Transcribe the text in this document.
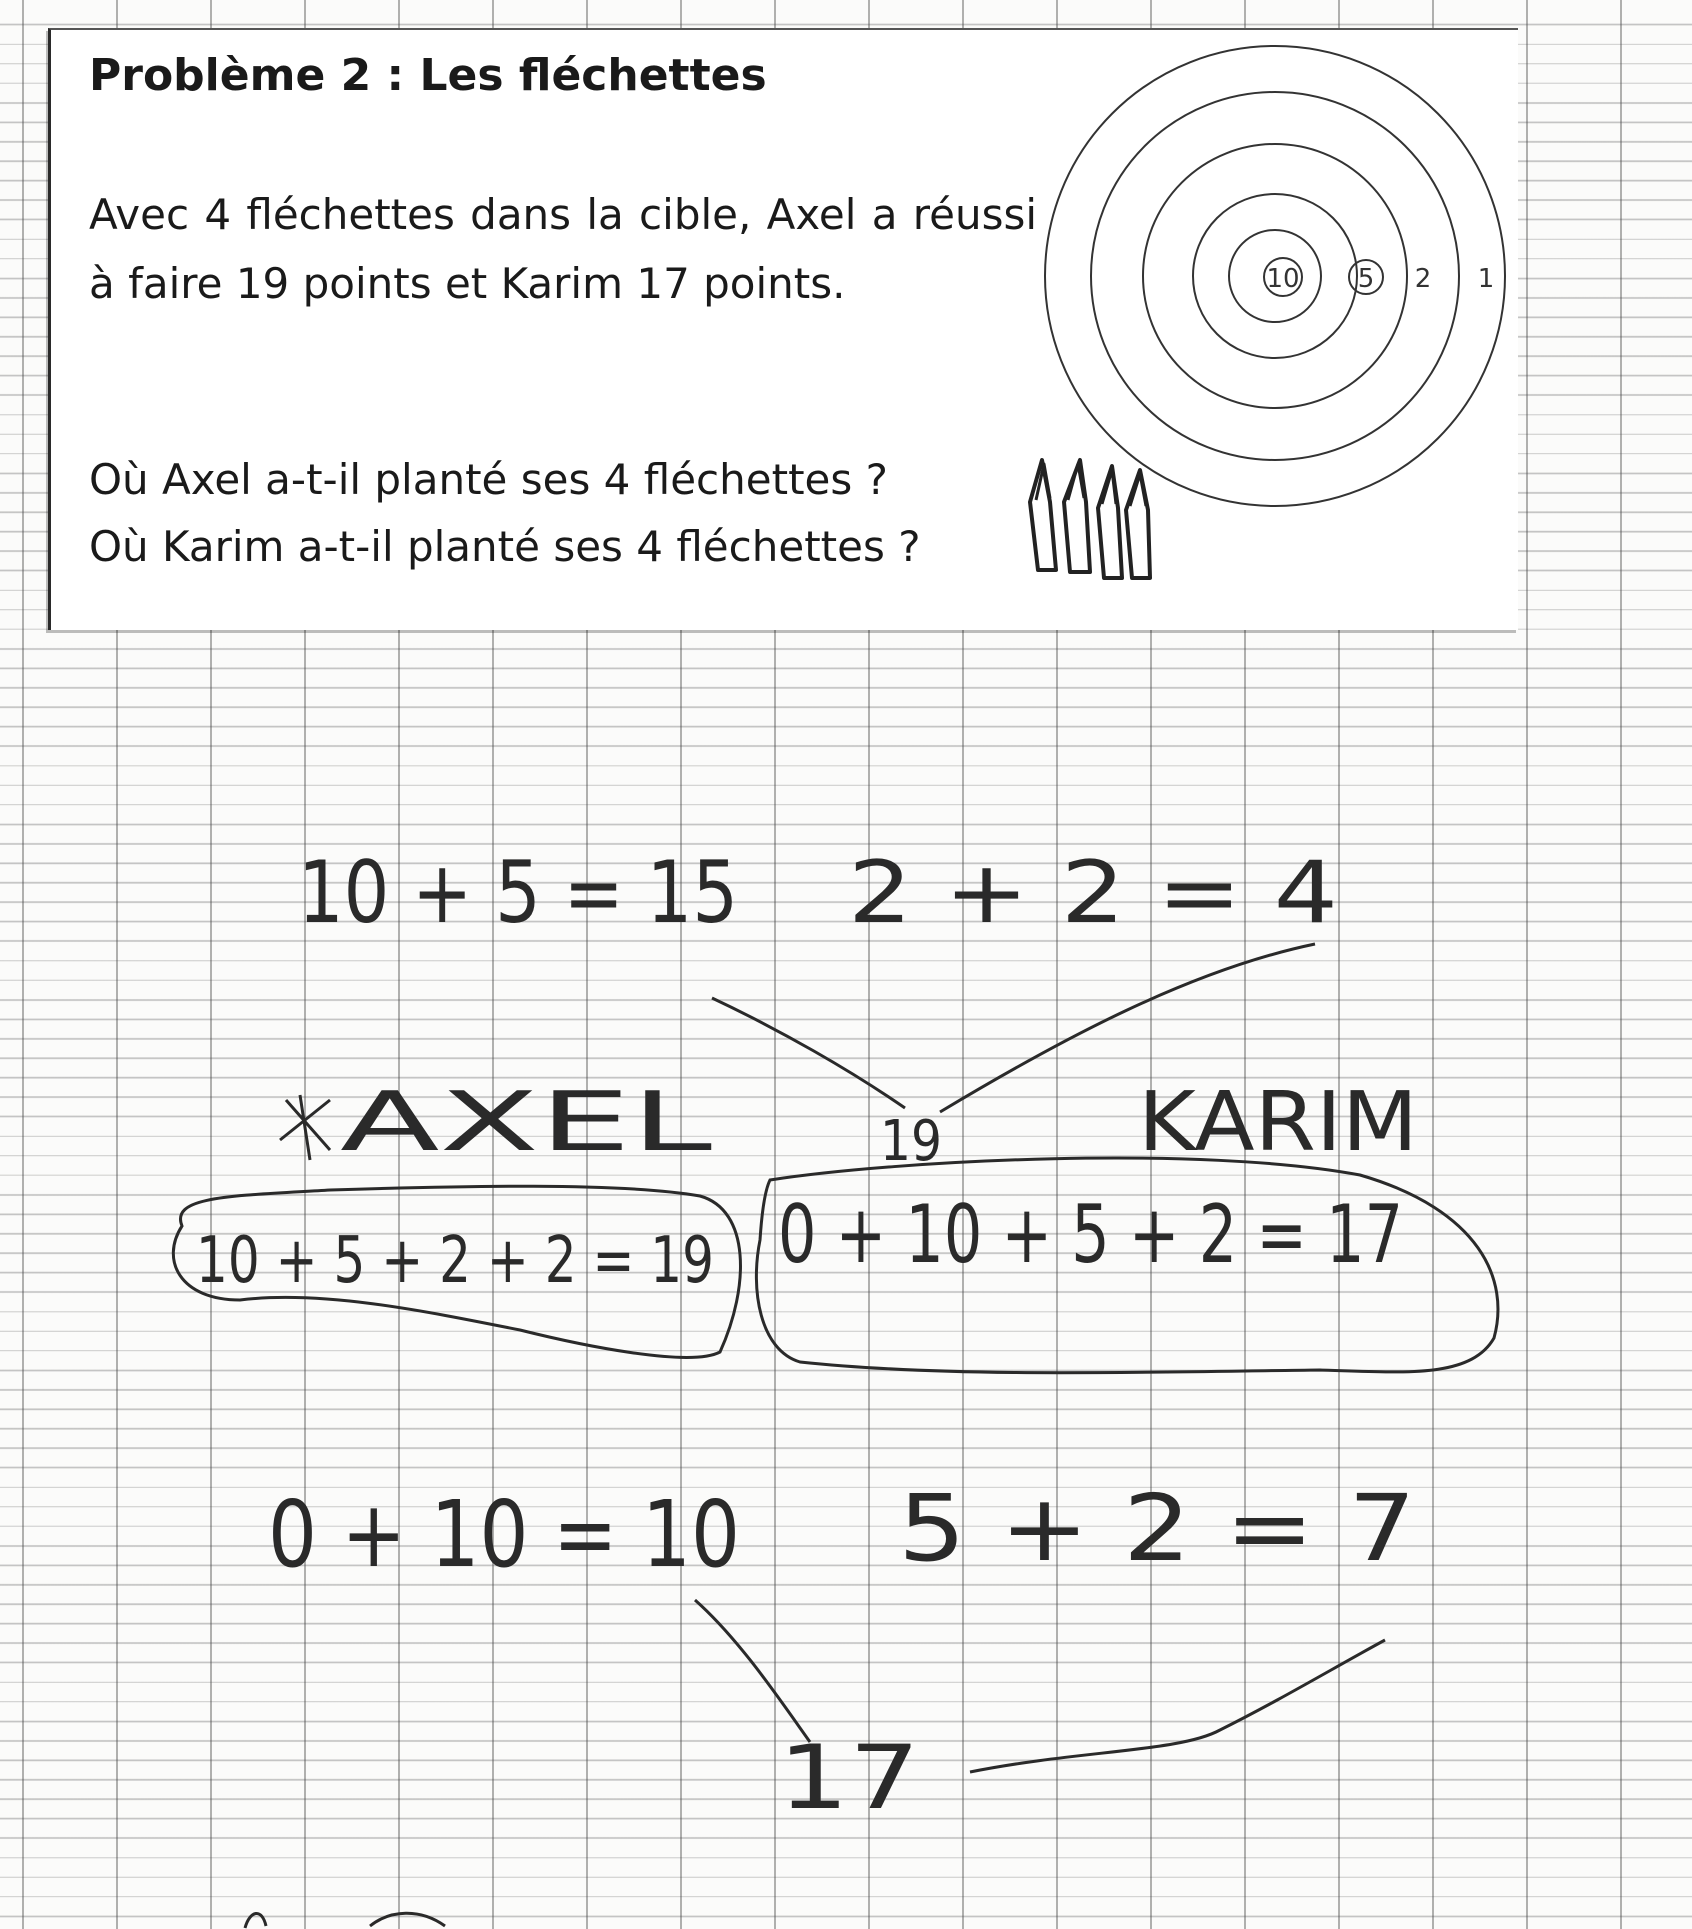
Problème 2 : Les fléchettes
Avec 4 fléchettes dans la cible, Axel a réussi à faire 19 points et Karim 17 points.
Où Axel a-t-il planté ses 4 fléchettes ?
Où Karim a-t-il planté ses 4 fléchettes ?
10 5 2 1
10 + 5 = 15 2 + 2 = 4
AXEL	19 KARIM
10 + 5 + 2 + 2 = 19 0 + 10 + 5 + 2 = 17
0 + 10 = 10 5 + 2 = 7
17
